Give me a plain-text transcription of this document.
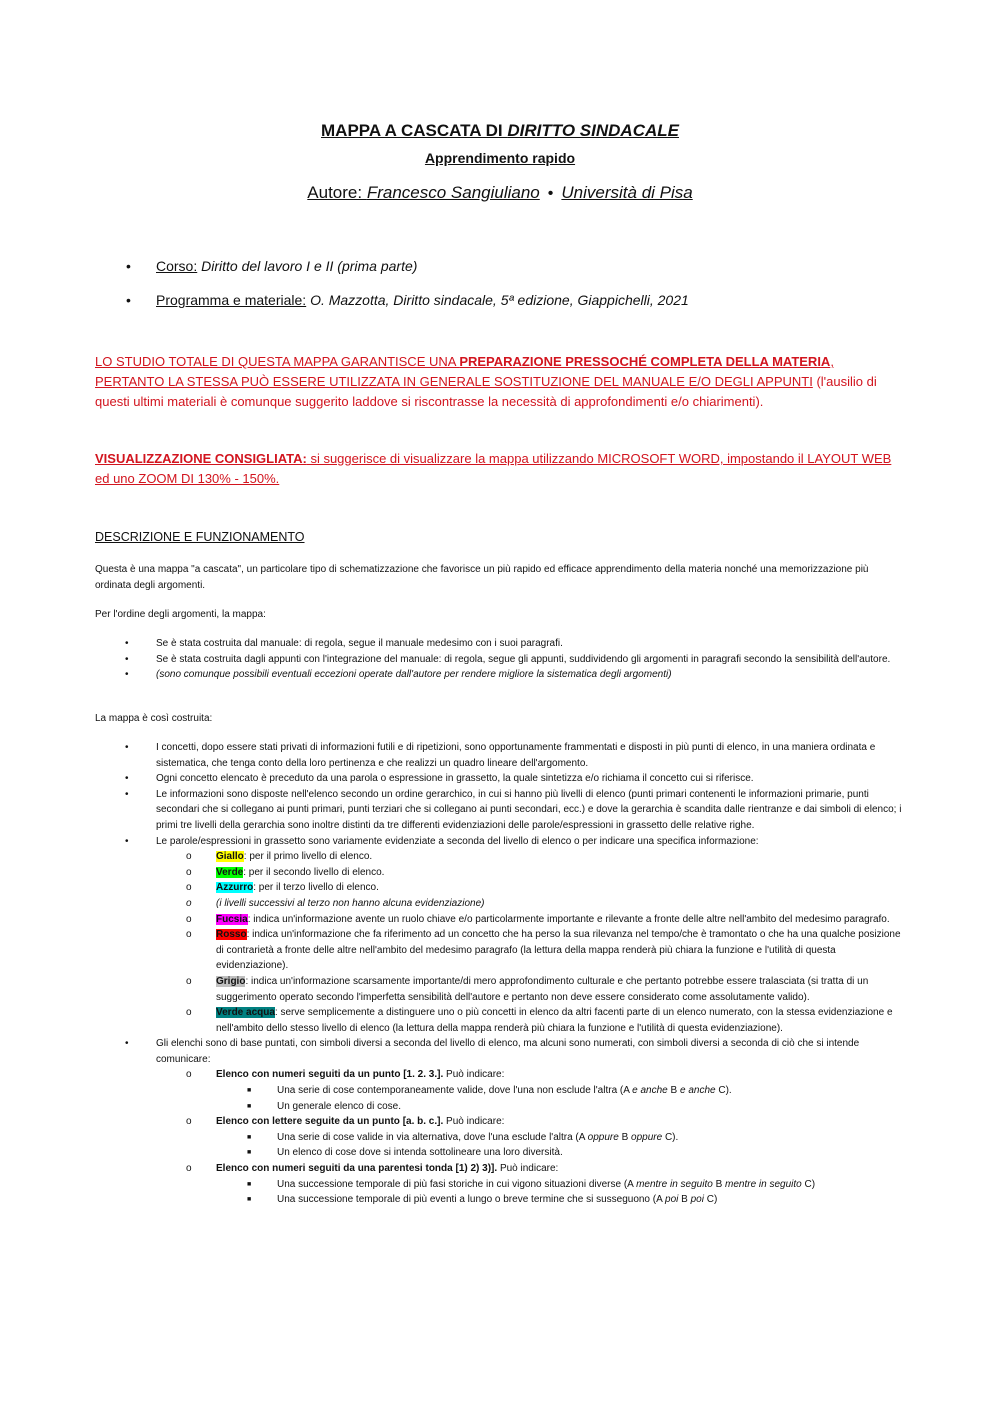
MAPPA A CASCATA DI DIRITTO SINDACALE
Apprendimento rapido
Autore: Francesco Sangiuliano • Università di Pisa
• Corso: Diritto del lavoro I e II (prima parte)
• Programma e materiale: O. Mazzotta, Diritto sindacale, 5ª edizione, Giappichelli, 2021
LO STUDIO TOTALE DI QUESTA MAPPA GARANTISCE UNA PREPARAZIONE PRESSOCHÉ COMPLETA DELLA MATERIA, PERTANTO LA STESSA PUÒ ESSERE UTILIZZATA IN GENERALE SOSTITUZIONE DEL MANUALE E/O DEGLI APPUNTI (l'ausilio di questi ultimi materiali è comunque suggerito laddove si riscontrasse la necessità di approfondimenti e/o chiarimenti).
VISUALIZZAZIONE CONSIGLIATA: si suggerisce di visualizzare la mappa utilizzando MICROSOFT WORD, impostando il LAYOUT WEB ed uno ZOOM DI 130% - 150%.
DESCRIZIONE E FUNZIONAMENTO
Questa è una mappa "a cascata", un particolare tipo di schematizzazione che favorisce un più rapido ed efficace apprendimento della materia nonché una memorizzazione più ordinata degli argomenti.
Per l'ordine degli argomenti, la mappa:
•	Se è stata costruita dal manuale: di regola, segue il manuale medesimo con i suoi paragrafi.
•	Se è stata costruita dagli appunti con l'integrazione del manuale: di regola, segue gli appunti, suddividendo gli argomenti in paragrafi secondo la sensibilità dell'autore.
•	(sono comunque possibili eventuali eccezioni operate dall'autore per rendere migliore la sistematica degli argomenti)
La mappa è così costruita:
•	I concetti, dopo essere stati privati di informazioni futili e di ripetizioni, sono opportunamente frammentati e disposti in più punti di elenco, in una maniera ordinata e sistematica, che tenga conto della loro pertinenza e che realizzi un quadro lineare dell'argomento.
•	Ogni concetto elencato è preceduto da una parola o espressione in grassetto, la quale sintetizza e/o richiama il concetto cui si riferisce.
•	Le informazioni sono disposte nell'elenco secondo un ordine gerarchico, in cui si hanno più livelli di elenco (punti primari contenenti le informazioni primarie, punti secondari che si collegano ai punti primari, punti terziari che si collegano ai punti secondari, ecc.) e dove la gerarchia è scandita dalle rientranze e dai simboli di elenco; i primi tre livelli della gerarchia sono inoltre distinti da tre differenti evidenziazioni delle parole/espressioni in grassetto delle relative righe.
•	Le parole/espressioni in grassetto sono variamente evidenziate a seconda del livello di elenco o per indicare una specifica informazione:
o Giallo: per il primo livello di elenco.
o Verde: per il secondo livello di elenco.
o Azzurro: per il terzo livello di elenco.
o (i livelli successivi al terzo non hanno alcuna evidenziazione)
o Fucsia: indica un'informazione avente un ruolo chiave e/o particolarmente importante e rilevante a fronte delle altre nell'ambito del medesimo paragrafo.
o Rosso: indica un'informazione che fa riferimento ad un concetto che ha perso la sua rilevanza nel tempo/che è tramontato o che ha una qualche posizione di contrarietà a fronte delle altre nell'ambito del medesimo paragrafo (la lettura della mappa renderà più chiara la funzione e l'utilità di questa evidenziazione).
o Grigio: indica un'informazione scarsamente importante/di mero approfondimento culturale e che pertanto potrebbe essere tralasciata (si tratta di un suggerimento operato secondo l'imperfetta sensibilità dell'autore e pertanto non deve essere considerato come assolutamente valido).
o Verde acqua: serve semplicemente a distinguere uno o più concetti in elenco da altri facenti parte di un elenco numerato, con la stessa evidenziazione e nell'ambito dello stesso livello di elenco (la lettura della mappa renderà più chiara la funzione e l'utilità di questa evidenziazione).
•	Gli elenchi sono di base puntati, con simboli diversi a seconda del livello di elenco, ma alcuni sono numerati, con simboli diversi a seconda di ciò che si intende comunicare:
o Elenco con numeri seguiti da un punto [1. 2. 3.]. Può indicare:
■	Una serie di cose contemporaneamente valide, dove l'una non esclude l'altra (A e anche B e anche C).
■	Un generale elenco di cose.
o Elenco con lettere seguite da un punto [a. b. c.]. Può indicare:
■	Una serie di cose valide in via alternativa, dove l'una esclude l'altra (A oppure B oppure C).
■	Un elenco di cose dove si intenda sottolineare una loro diversità.
o Elenco con numeri seguiti da una parentesi tonda [1) 2) 3)]. Può indicare:
■	Una successione temporale di più fasi storiche in cui vigono situazioni diverse (A mentre in seguito B mentre in seguito C)
■	Una successione temporale di più eventi a lungo o breve termine che si susseguono (A poi B poi C)
